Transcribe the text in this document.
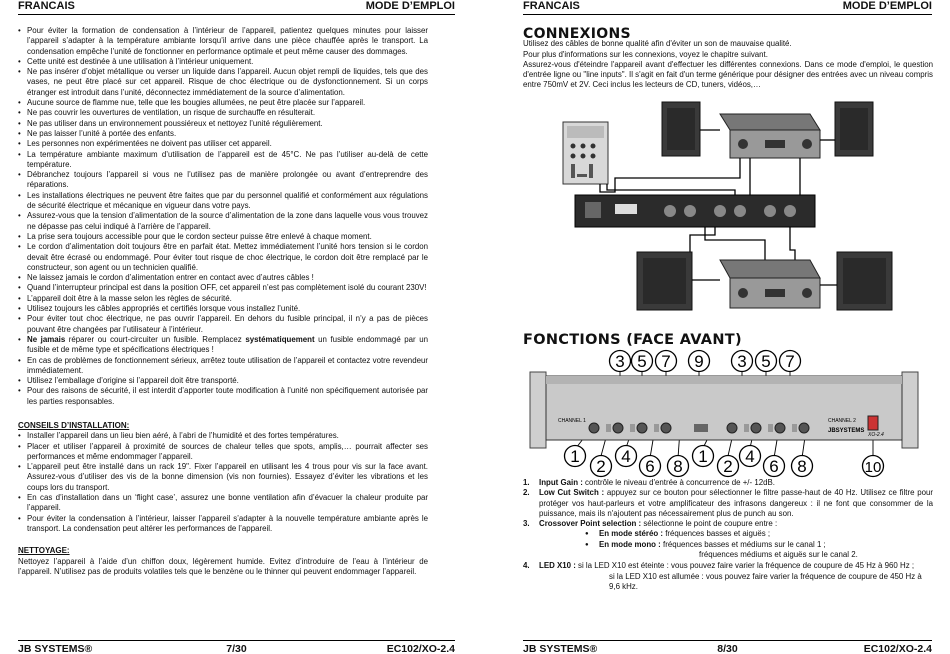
FRANCAIS	MODE D’EMPLOI
• Pour éviter la formation de condensation à l’intérieur de l’appareil, patientez quelques minutes pour laisser l’appareil s’adapter à la température ambiante lorsqu’il arrive dans une pièce chauffée après le transport. La condensation empêche l’unité de fonctionner en performance optimale et peut même causer des dommages.
• Cette unité est destinée à une utilisation à l’intérieur uniquement.
• Ne pas insérer d’objet métallique ou verser un liquide dans l’appareil. Aucun objet rempli de liquides, tels que des vases, ne peut être placé sur cet appareil. Risque de choc électrique ou de dysfonctionnement. Si un corps étranger est introduit dans l’unité, déconnectez immédiatement de la source d’alimentation.
• Aucune source de flamme nue, telle que les bougies allumées, ne peut être placée sur l’appareil.
• Ne pas couvrir les ouvertures de ventilation, un risque de surchauffe en résulterait.
• Ne pas utiliser dans un environnement poussiéreux et nettoyez l’unité régulièrement.
• Ne pas laisser l’unité à portée des enfants.
• Les personnes non expérimentées ne doivent pas utiliser cet appareil.
• La température ambiante maximum d’utilisation de l’appareil est de 45°C. Ne pas l’utiliser au-delà de cette température.
• Débranchez toujours l’appareil si vous ne l’utilisez pas de manière prolongée ou avant d’entreprendre des réparations.
• Les installations électriques ne peuvent être faites que par du personnel qualifié et conformément aux régulations de sécurité électrique et mécanique en vigueur dans votre pays.
• Assurez-vous que la tension d’alimentation de la source d’alimentation de la zone dans laquelle vous vous trouvez ne dépasse pas celui indiqué à l’arrière de l’appareil.
• La prise sera toujours accessible pour que le cordon secteur puisse être enlevé à chaque moment.
• Le cordon d’alimentation doit toujours être en parfait état. Mettez immédiatement l’unité hors tension si le cordon devait être écrasé ou endommagé. Pour éviter tout risque de choc électrique, le cordon doit être remplacé par le constructeur, son agent ou un technicien qualifié.
• Ne laissez jamais le cordon d’alimentation entrer en contact avec d’autres câbles !
• Quand l’interrupteur principal est dans la position OFF, cet appareil n’est pas complètement isolé du courant 230V!
• L’appareil doit être à la masse selon les règles de sécurité.
• Utilisez toujours les câbles appropriés et certifiés lorsque vous installez l’unité.
• Pour éviter tout choc électrique, ne pas ouvrir l’appareil. En dehors du fusible principal, il n’y a pas de pièces pouvant être changées par l’utilisateur à l’intérieur.
• Ne jamais réparer ou court-circuiter un fusible. Remplacez systématiquement un fusible endommagé par un fusible et de même type et spécifications électriques !
• En cas de problèmes de fonctionnement sérieux, arrêtez toute utilisation de l’appareil et contactez votre revendeur immédiatement.
• Utilisez l’emballage d’origine si l’appareil doit être transporté.
• Pour des raisons de sécurité, il est interdit d’apporter toute modification à l’unité non spécifiquement autorisée par les parties responsables.
CONSEILS D’INSTALLATION:
• Installer l’appareil dans un lieu bien aéré, à l’abri de l’humidité et des fortes températures.
• Placer et utiliser l’appareil à proximité de sources de chaleur telles que spots, amplis,… pourrait affecter ses performances et même endommager l’appareil.
• L’appareil peut être installé dans un rack 19". Fixer l’appareil en utilisant les 4 trous pour vis sur la face avant. Assurez-vous d’utiliser des vis de la bonne dimension (vis non fournies). Essayez d’éviter les vibrations et les coups lors du transport.
• En cas d’installation dans un ‘flight case’, assurez une bonne ventilation afin d’évacuer la chaleur produite par l’appareil.
• Pour éviter la condensation à l’intérieur, laisser l’appareil s’adapter à la nouvelle température ambiante après le transport. La condensation peut altérer les performances de l’appareil.
NETTOYAGE:

Nettoyez l’appareil à l’aide d’un chiffon doux, légèrement humide. Evitez d’introduire de l’eau à l’intérieur de l’appareil. N’utilisez pas de produits volatiles tels que le benzène ou le thinner qui peuvent endommager l’appareil.

JB SYSTEMS®	7/30	EC102/XO-2.4
FRANCAIS	MODE D’EMPLOI
JB SYSTEMS®	8/30	EC102/XO-2.4
CONNEXIONS

Utilisez des câbles de bonne qualité afin d'éviter un son de mauvaise qualité.

Pour plus d'informations sur les connexions, voyez le chapitre suivant.

Assurez-vous d'éteindre l'appareil avant d'effectuer les différentes connexions. Dans ce mode d'emploi, le question d'entrée ligne ou "line inputs". Il s'agit en fait d'un terme générique pour désigner des entrées avec un niveau compris entre 750mV et 2V. Ceci inclus les lecteurs de CD, tuners, vidéos,…

FONCTIONS (FACE AVANT)
3 5 7 9 3 5 7
CHANNEL 1	CHANNEL 2
JBSYSTEMS
XO-2.4
1
2
4
6 8
1
2
4
6 8	10
1. Input Gain : contrôle le niveau d'entrée à concurrence de +/- 12dB.
2. Low Cut Switch : appuyez sur ce bouton pour sélectionner le filtre passe-haut de 40 Hz. Utilisez ce filtre pour protéger vos haut-parleurs et votre amplificateur des infrasons dangereux : il ne font que consommer de la puissance, mais ils n'ajoutent pas nécessairement plus de punch au son.
3. Crossover Point selection : sélectionne le point de coupure entre :
● En mode stéréo : fréquences basses et aiguës ;
● En mode mono : fréquences basses et médiums sur le canal 1 ;
fréquences médiums et aiguës sur le canal 2.
4. LED X10 : si la LED X10 est éteinte : vous pouvez faire varier la fréquence de coupure de 45 Hz à 960 Hz ;
si la LED X10 est allumée : vous pouvez faire varier la fréquence de coupure de 450 Hz à 9,6 kHz.
